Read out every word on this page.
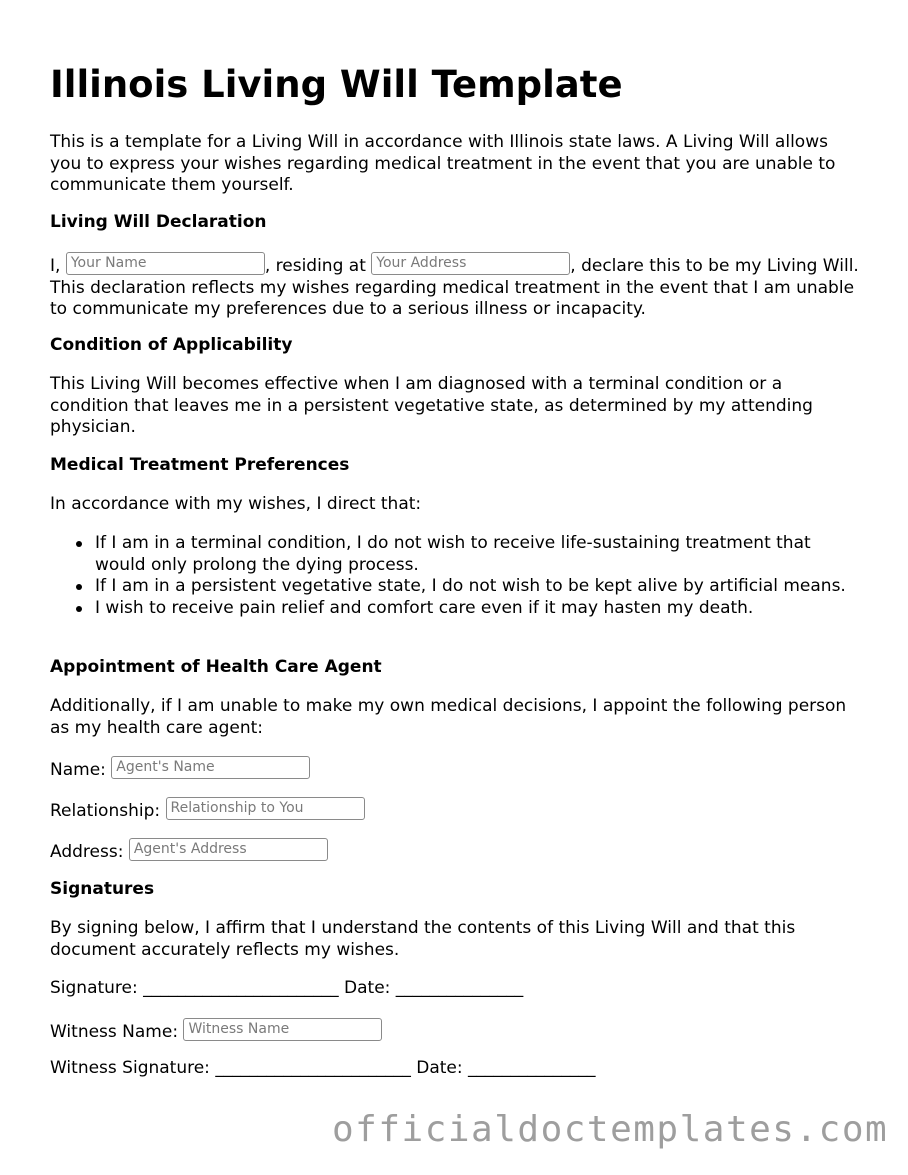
Illinois Living Will Template

This is a template for a Living Will in accordance with Illinois state laws. A Living Will allows you to express your wishes regarding medical treatment in the event that you are unable to communicate them yourself.

Living Will Declaration

I, Your Name	, residing at Your Address	, declare this to be my Living Will. This declaration reflects my wishes regarding medical treatment in the event that I am unable to communicate my preferences due to a serious illness or incapacity.

Condition of Applicability

This Living Will becomes effective when I am diagnosed with a terminal condition or a condition that leaves me in a persistent vegetative state, as determined by my attending physician.

Medical Treatment Preferences

In accordance with my wishes, I direct that:

If I am in a terminal condition, I do not wish to receive life-sustaining treatment that would only prolong the dying process.
If I am in a persistent vegetative state, I do not wish to be kept alive by artificial means.
I wish to receive pain relief and comfort care even if it may hasten my death.
Appointment of Health Care Agent

Additionally, if I am unable to make my own medical decisions, I appoint the following person as my health care agent:

Name: Agent's Name

Relationship: Relationship to You

Address: Agent's Address

Signatures

By signing below, I affirm that I understand the contents of this Living Will and that this document accurately reflects my wishes.

Signature: _______________________ Date: _______________

Witness Name: Witness Name

Witness Signature: _______________________ Date: _______________

officialdoctemplates.com
